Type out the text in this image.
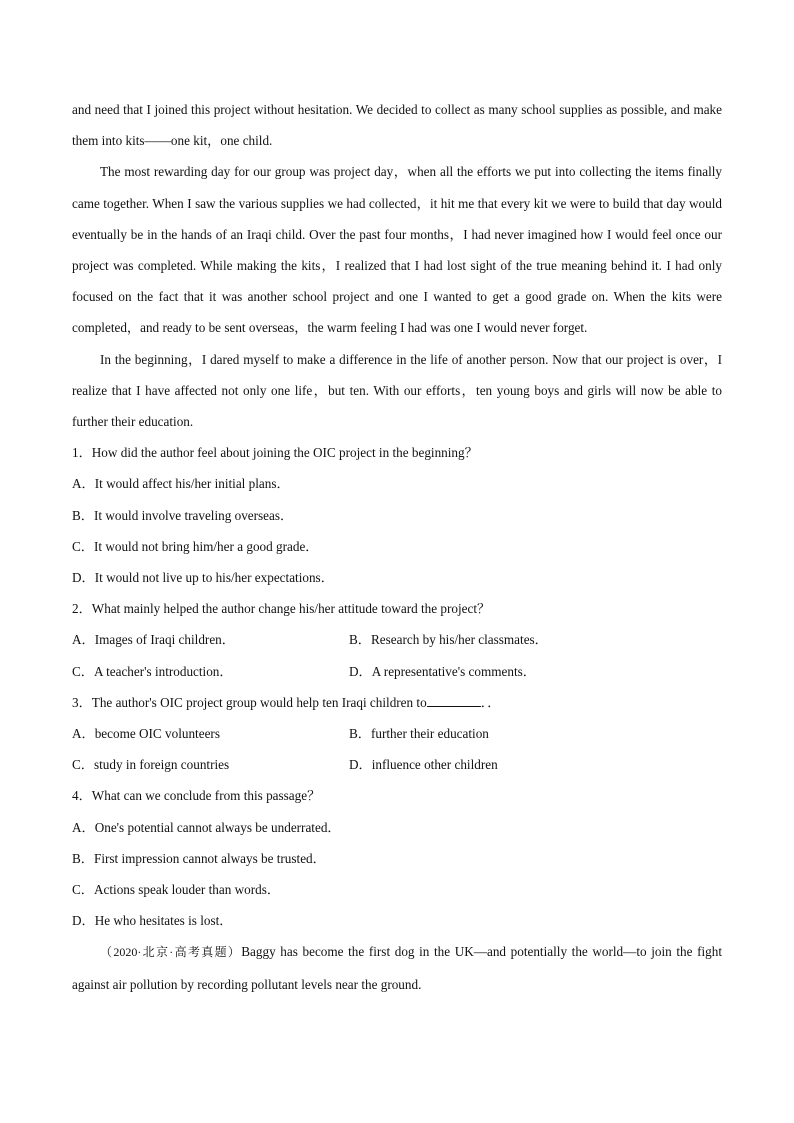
and need that I joined this project without hesitation. We decided to collect as many school supplies as possible, and make them into kits——one kit，one child.

The most rewarding day for our group was project day，when all the efforts we put into collecting the items finally came together. When I saw the various supplies we had collected，it hit me that every kit we were to build that day would eventually be in the hands of an Iraqi child. Over the past four months，I had never imagined how I would feel once our project was completed. While making the kits，I realized that I had lost sight of the true meaning behind it. I had only focused on the fact that it was another school project and one I wanted to get a good grade on. When the kits were completed，and ready to be sent overseas，the warm feeling I had was one I would never forget.

In the beginning，I dared myself to make a difference in the life of another person. Now that our project is over，I realize that I have affected not only one life，but ten. With our efforts，ten young boys and girls will now be able to further their education.

1．How did the author feel about joining the OIC project in the beginning？

A．It would affect his/her initial plans．

B．It would involve traveling overseas．

C．It would not bring him/her a good grade．

D．It would not live up to his/her expectations．

2．What mainly helped the author change his/her attitude toward the project？

A．Images of Iraqi children．	B．Research by his/her classmates．
C．A teacher's introduction．	D．A representative's comments．

3．The author's OIC project group would help ten Iraqi children to	．．

A．become OIC volunteers	B．further their education
C．study in foreign countries	D．influence other children

4．What can we conclude from this passage？

A．One's potential cannot always be underrated．

B．First impression cannot always be trusted．

C．Actions speak louder than words．

D．He who hesitates is lost．

（2020·北京·高考真题）Baggy has become the first dog in the UK—and potentially the world—to join the fight against air pollution by recording pollutant levels near the ground.
